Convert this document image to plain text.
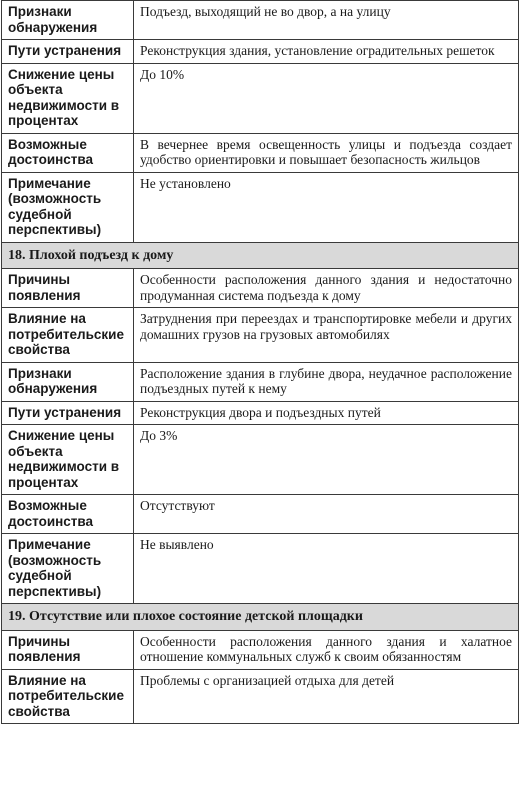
Признаки обнаружения	Подъезд, выходящий не во двор, а на улицу
Пути устранения	Реконструкция здания, установление оградительных решеток
Снижение цены объекта недвижимости в процентах	До 10%
Возможные достоинства	В вечернее время освещенность улицы и подъезда создает удобство ориентировки и повышает безопасность жильцов
Примечание (возможность судебной перспективы)	Не установлено
18. Плохой подъезд к дому	
Причины появления	Особенности расположения данного здания и недостаточно продуманная система подъезда к дому
Влияние на потребительские свойства	Затруднения при переездах и транспортировке мебели и других домашних грузов на грузовых автомобилях
Признаки обнаружения	Расположение здания в глубине двора, неудачное расположение подъездных путей к нему
Пути устранения	Реконструкция двора и подъездных путей
Снижение цены объекта недвижимости в процентах	До 3%
Возможные достоинства	Отсутствуют
Примечание (возможность судебной перспективы)	Не выявлено
19. Отсутствие или плохое состояние детской площадки	
Причины появления	Особенности расположения данного здания и халатное отношение коммунальных служб к своим обязанностям
Влияние на потребительские свойства	Проблемы с организацией отдыха для детей
